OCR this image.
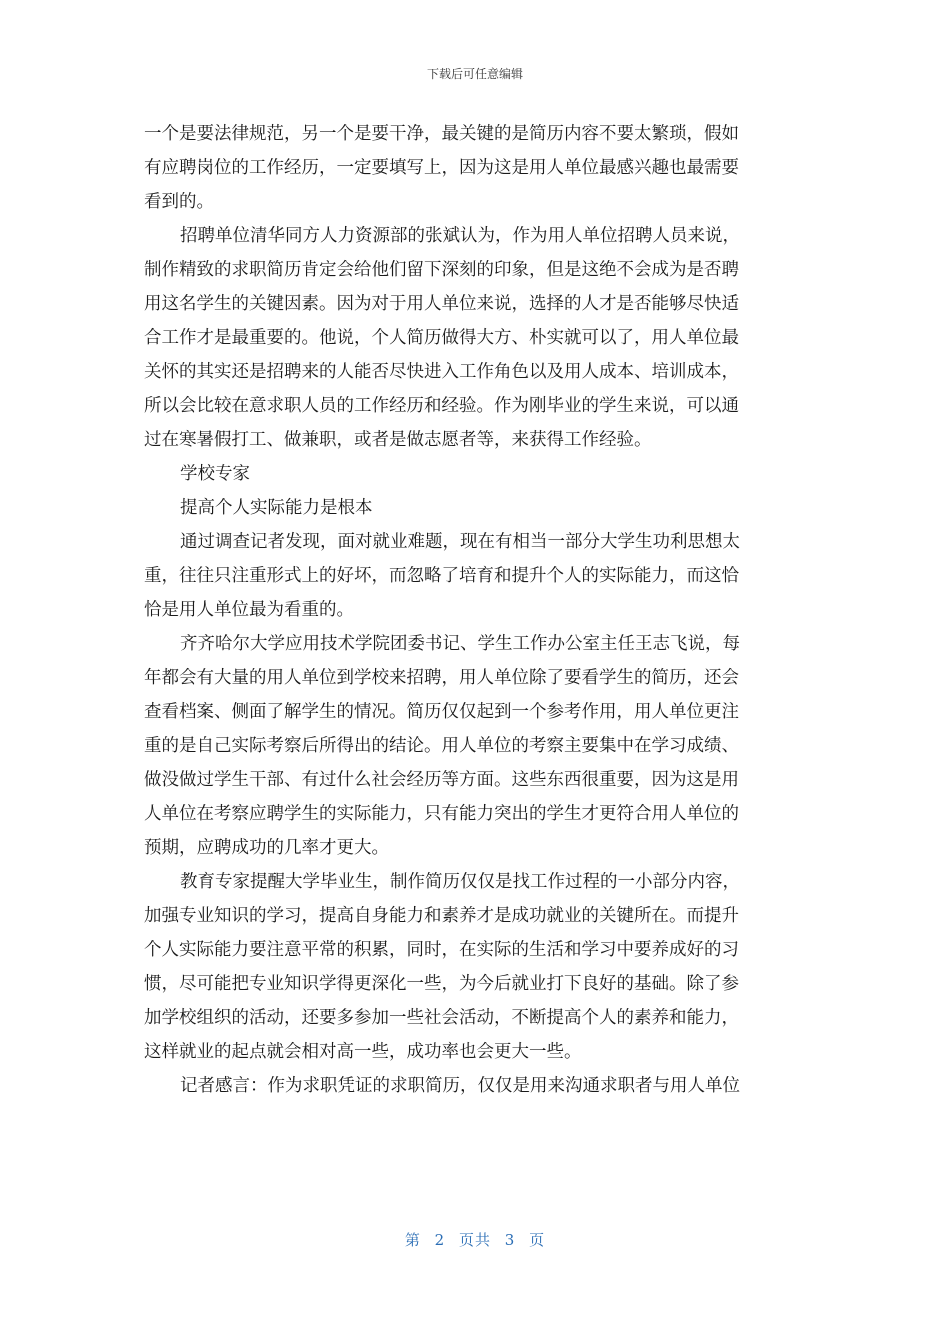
下载后可任意编辑
一个是要法律规范，另一个是要干净，最关键的是简历内容不要太繁琐，假如
有应聘岗位的工作经历，一定要填写上，因为这是用人单位最感兴趣也最需要
看到的。
招聘单位清华同方人力资源部的张斌认为，作为用人单位招聘人员来说，
制作精致的求职简历肯定会给他们留下深刻的印象，但是这绝不会成为是否聘
用这名学生的关键因素。因为对于用人单位来说，选择的人才是否能够尽快适
合工作才是最重要的。他说，个人简历做得大方、朴实就可以了，用人单位最
关怀的其实还是招聘来的人能否尽快进入工作角色以及用人成本、培训成本，
所以会比较在意求职人员的工作经历和经验。作为刚毕业的学生来说，可以通
过在寒暑假打工、做兼职，或者是做志愿者等，来获得工作经验。
学校专家
提高个人实际能力是根本
通过调查记者发现，面对就业难题，现在有相当一部分大学生功利思想太
重，往往只注重形式上的好坏，而忽略了培育和提升个人的实际能力，而这恰
恰是用人单位最为看重的。
齐齐哈尔大学应用技术学院团委书记、学生工作办公室主任王志飞说，每
年都会有大量的用人单位到学校来招聘，用人单位除了要看学生的简历，还会
查看档案、侧面了解学生的情况。简历仅仅起到一个参考作用，用人单位更注
重的是自己实际考察后所得出的结论。用人单位的考察主要集中在学习成绩、
做没做过学生干部、有过什么社会经历等方面。这些东西很重要，因为这是用
人单位在考察应聘学生的实际能力，只有能力突出的学生才更符合用人单位的
预期，应聘成功的几率才更大。
教育专家提醒大学毕业生，制作简历仅仅是找工作过程的一小部分内容，
加强专业知识的学习，提高自身能力和素养才是成功就业的关键所在。而提升
个人实际能力要注意平常的积累，同时，在实际的生活和学习中要养成好的习
惯，尽可能把专业知识学得更深化一些，为今后就业打下良好的基础。除了参
加学校组织的活动，还要多参加一些社会活动，不断提高个人的素养和能力，
这样就业的起点就会相对高一些，成功率也会更大一些。
记者感言：作为求职凭证的求职简历，仅仅是用来沟通求职者与用人单位
第 2 页共 3 页
